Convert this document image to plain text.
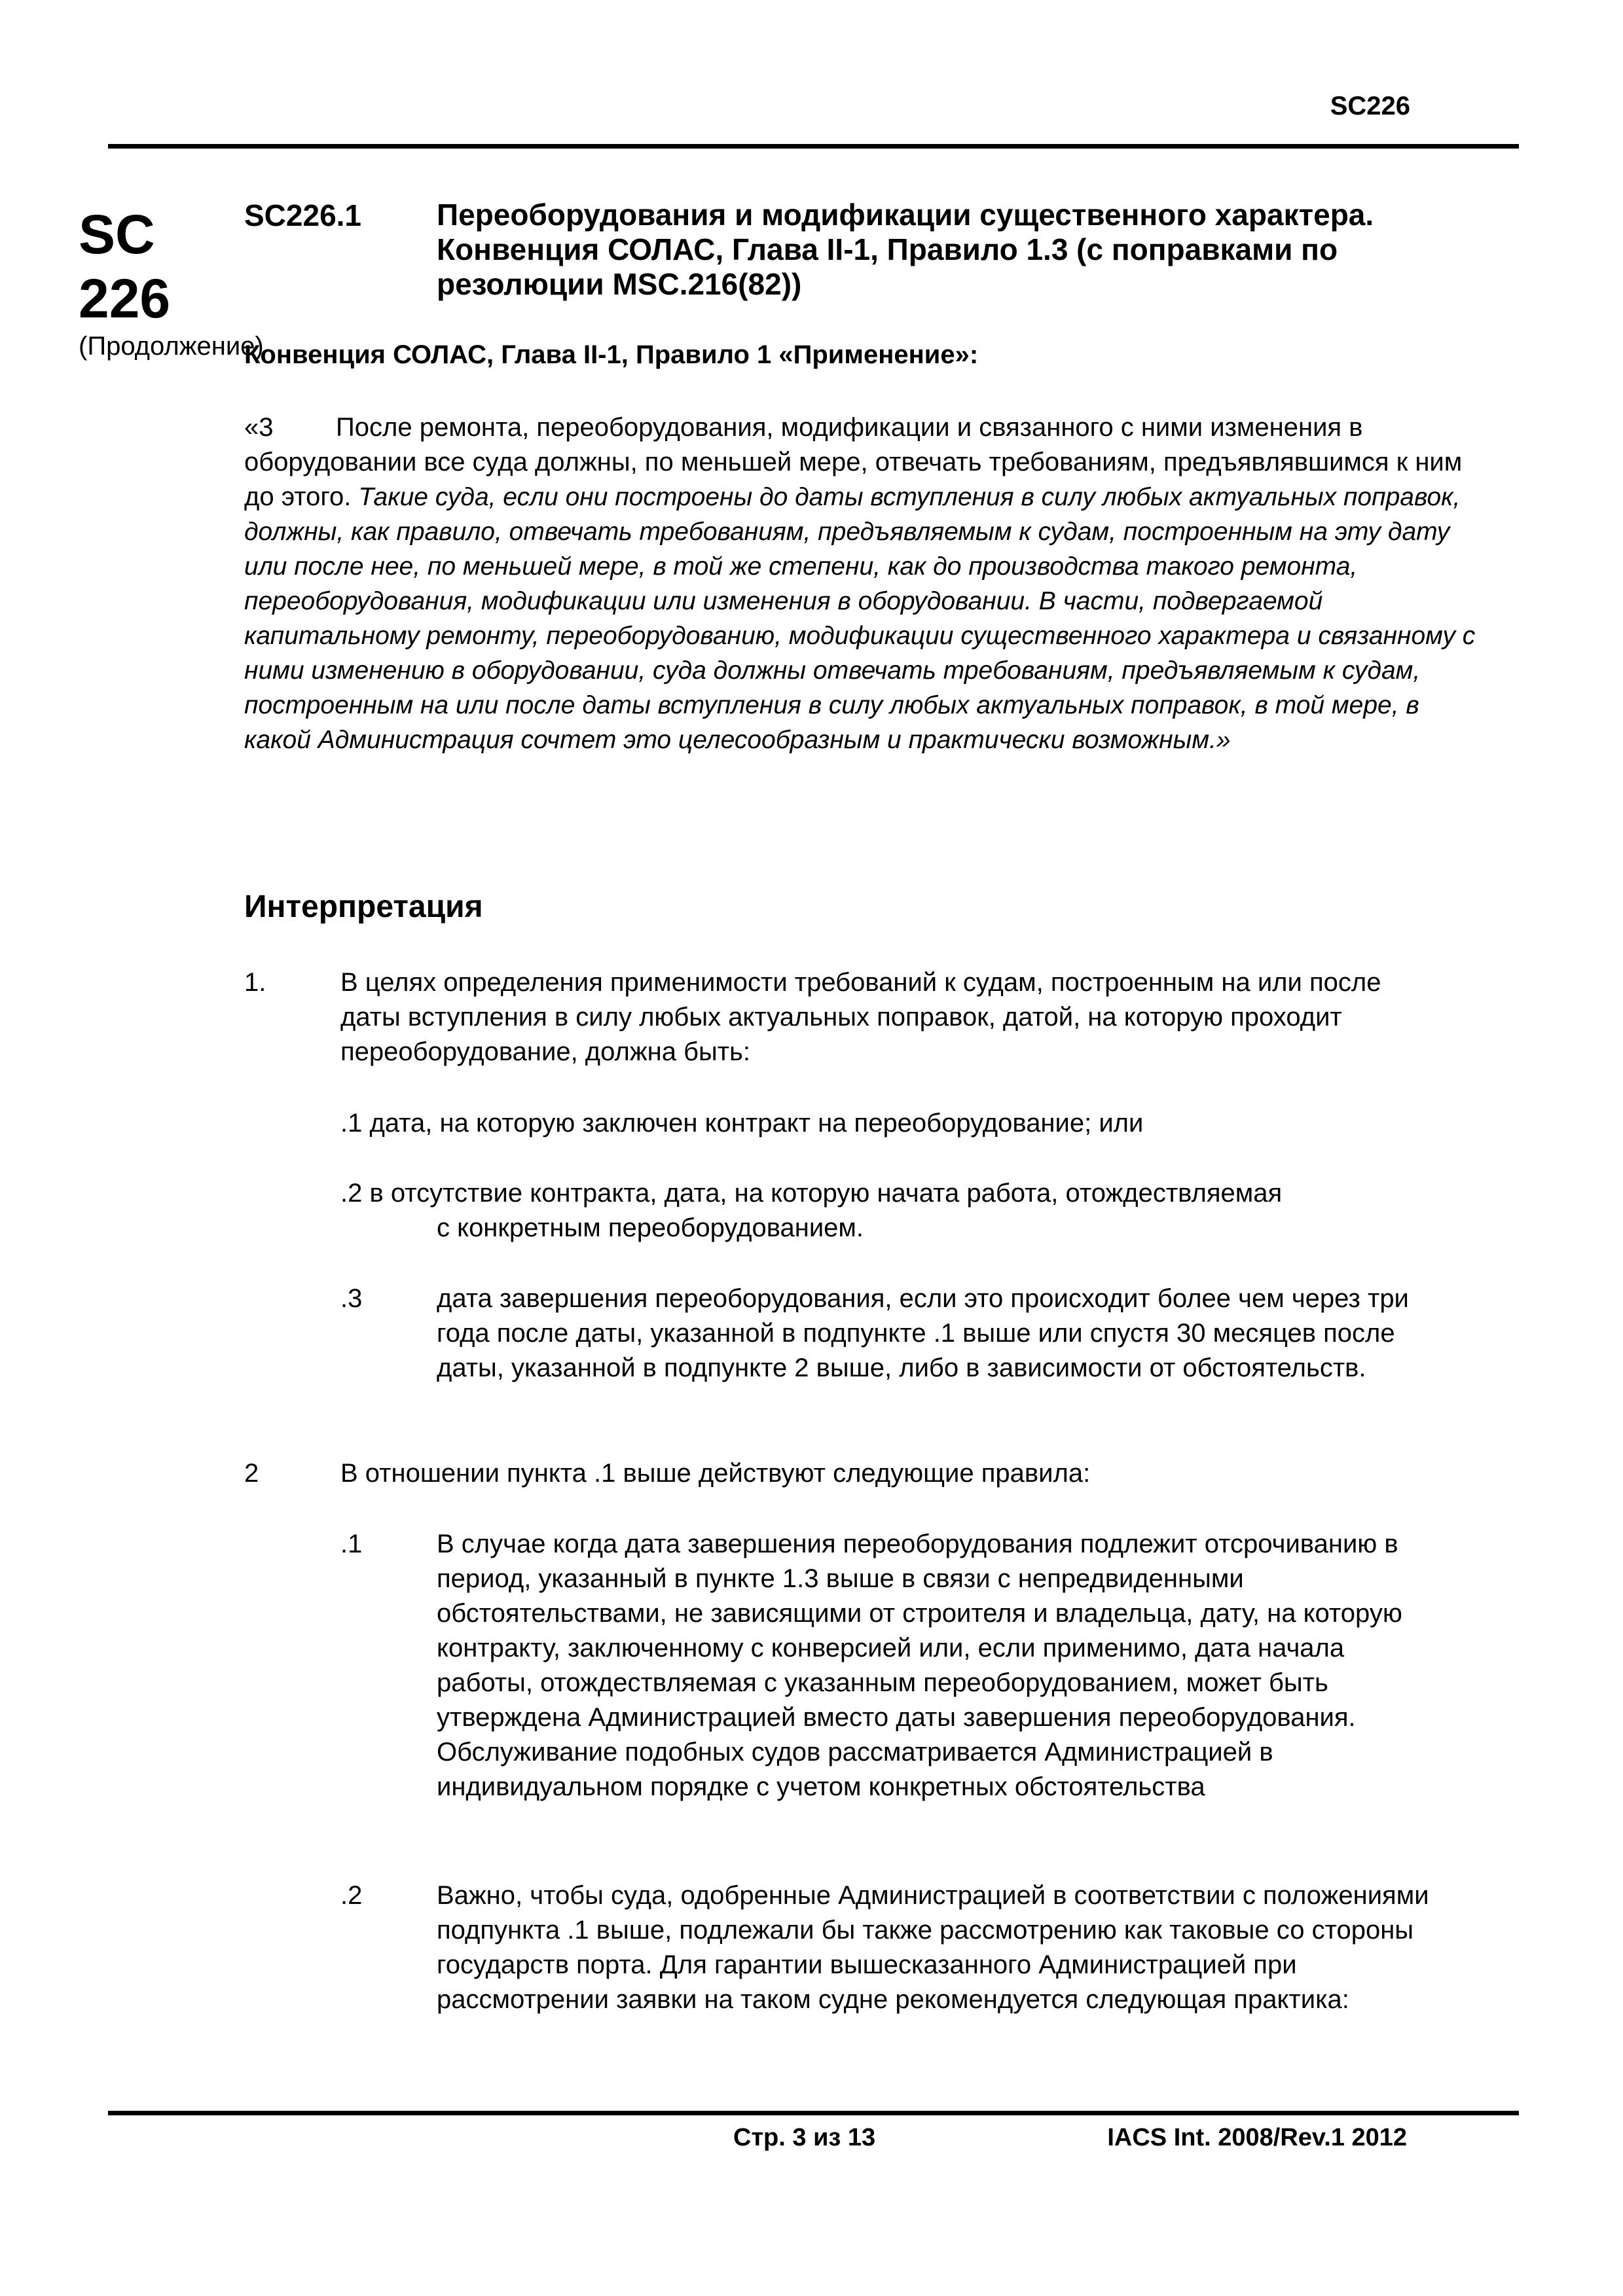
SC226
SC
226
(Продолжение)
SC226.1 Переоборудования и модификации существенного характера. Конвенция СОЛАС, Глава II-1, Правило 1.3 (с поправками по резолюции MSC.216(82))
Конвенция СОЛАС, Глава II-1, Правило 1 «Применение»:
«3 После ремонта, переоборудования, модификации и связанного с ними изменения в оборудовании все суда должны, по меньшей мере, отвечать требованиям, предъявлявшимся к ним до этого. Такие суда, если они построены до даты вступления в силу любых актуальных поправок, должны, как правило, отвечать требованиям, предъявляемым к судам, построенным на эту дату или после нее, по меньшей мере, в той же степени, как до производства такого ремонта, переоборудования, модификации или изменения в оборудовании. В части, подвергаемой капитальному ремонту, переоборудованию, модификации существенного характера и связанному с ними изменению в оборудовании, суда должны отвечать требованиям, предъявляемым к судам, построенным на или после даты вступления в силу любых актуальных поправок, в той мере, в какой Администрация сочтет это целесообразным и практически возможным.»
Интерпретация
1.	В целях определения применимости требований к судам, построенным на или после даты вступления в силу любых актуальных поправок, датой, на которую проходит переоборудование, должна быть:
.1 дата, на которую заключен контракт на переоборудование; или
.2 в отсутствие контракта, дата, на которую начата работа, отождествляемая
с конкретным переоборудованием.
.3	дата завершения переоборудования, если это происходит более чем через три года после даты, указанной в подпункте .1 выше или спустя 30 месяцев после даты, указанной в подпункте 2 выше, либо в зависимости от обстоятельств.
2	В отношении пункта .1 выше действуют следующие правила:
.1	В случае когда дата завершения переоборудования подлежит отсрочиванию в период, указанный в пункте 1.3 выше в связи с непредвиденными обстоятельствами, не зависящими от строителя и владельца, дату, на которую контракту, заключенному с конверсией или, если применимо, дата начала работы, отождествляемая с указанным переоборудованием, может быть утверждена Администрацией вместо даты завершения переоборудования. Обслуживание подобных судов рассматривается Администрацией в индивидуальном порядке с учетом конкретных обстоятельства
.2	Важно, чтобы суда, одобренные Администрацией в соответствии с положениями подпункта .1 выше, подлежали бы также рассмотрению как таковые со стороны государств порта. Для гарантии вышесказанного Администрацией при рассмотрении заявки на таком судне рекомендуется следующая практика:
Стр. 3 из 13	IACS Int. 2008/Rev.1 2012
